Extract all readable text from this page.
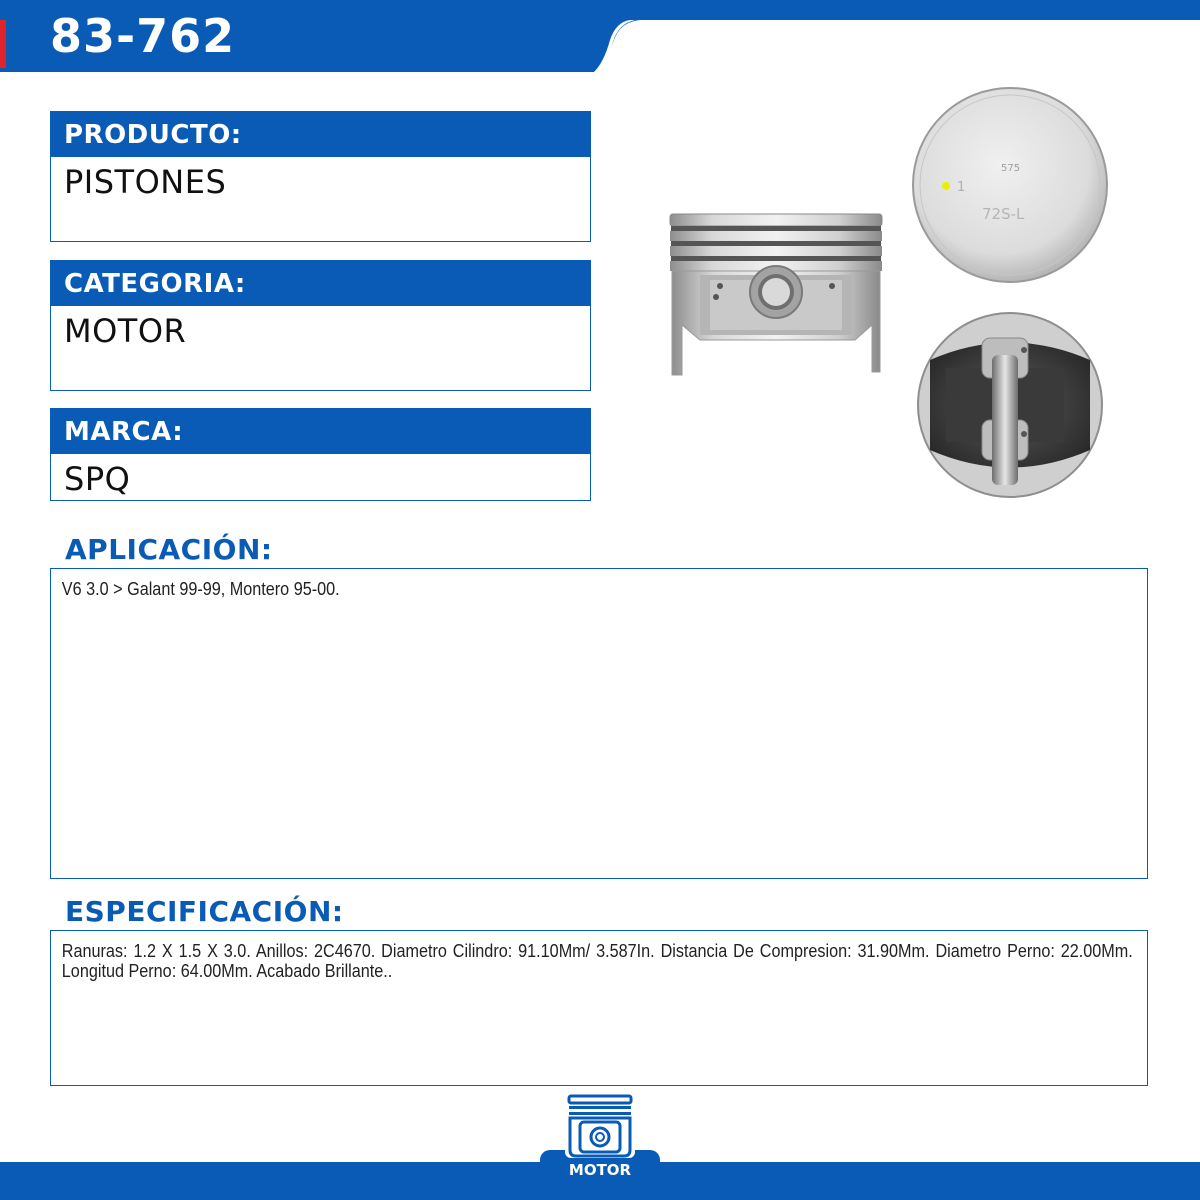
83-762
PRODUCTO:
PISTONES
CATEGORIA:
MOTOR
MARCA:
SPQ
575
1
72S-L
APLICACIÓN:
V6 3.0 > Galant 99-99, Montero 95-00.
ESPECIFICACIÓN:
Ranuras: 1.2 X 1.5 X 3.0. Anillos: 2C4670. Diametro Cilindro: 91.10Mm/ 3.587In. Distancia De Compresion: 31.90Mm. Diametro Perno: 22.00Mm. Longitud Perno: 64.00Mm. Acabado Brillante..
MOTOR
